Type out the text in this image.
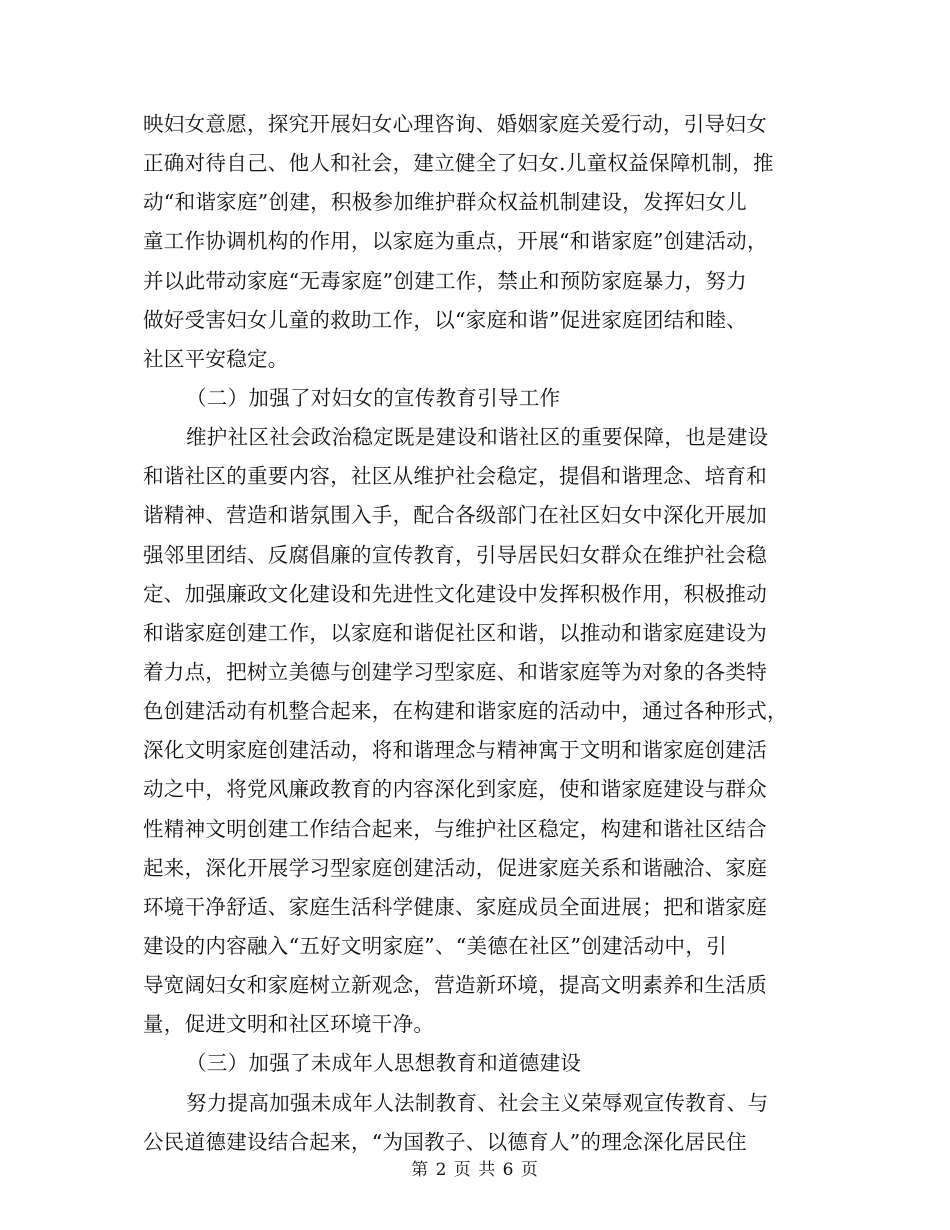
映妇女意愿，探究开展妇女心理咨询、婚姻家庭关爱行动，引导妇女
正确对待自己、他人和社会，建立健全了妇女.儿童权益保障机制，推
动“和谐家庭”创建，积极参加维护群众权益机制建设，发挥妇女儿
童工作协调机构的作用，以家庭为重点，开展“和谐家庭”创建活动，
并以此带动家庭“无毒家庭”创建工作，禁止和预防家庭暴力，努力
做好受害妇女儿童的救助工作，以“家庭和谐”促进家庭团结和睦、
社区平安稳定。
（二）加强了对妇女的宣传教育引导工作
维护社区社会政治稳定既是建设和谐社区的重要保障，也是建设
和谐社区的重要内容，社区从维护社会稳定，提倡和谐理念、培育和
谐精神、营造和谐氛围入手，配合各级部门在社区妇女中深化开展加
强邻里团结、反腐倡廉的宣传教育，引导居民妇女群众在维护社会稳
定、加强廉政文化建设和先进性文化建设中发挥积极作用，积极推动
和谐家庭创建工作，以家庭和谐促社区和谐，以推动和谐家庭建设为
着力点，把树立美德与创建学习型家庭、和谐家庭等为对象的各类特
色创建活动有机整合起来，在构建和谐家庭的活动中，通过各种形式，
深化文明家庭创建活动，将和谐理念与精神寓于文明和谐家庭创建活
动之中，将党风廉政教育的内容深化到家庭，使和谐家庭建设与群众
性精神文明创建工作结合起来，与维护社区稳定，构建和谐社区结合
起来，深化开展学习型家庭创建活动，促进家庭关系和谐融洽、家庭
环境干净舒适、家庭生活科学健康、家庭成员全面进展；把和谐家庭
建设的内容融入“五好文明家庭”、“美德在社区”创建活动中，引
导宽阔妇女和家庭树立新观念，营造新环境，提高文明素养和生活质
量，促进文明和社区环境干净。
（三）加强了未成年人思想教育和道德建设
努力提高加强未成年人法制教育、社会主义荣辱观宣传教育、与
公民道德建设结合起来，“为国教子、以德育人”的理念深化居民住
第 2 页 共 6 页
